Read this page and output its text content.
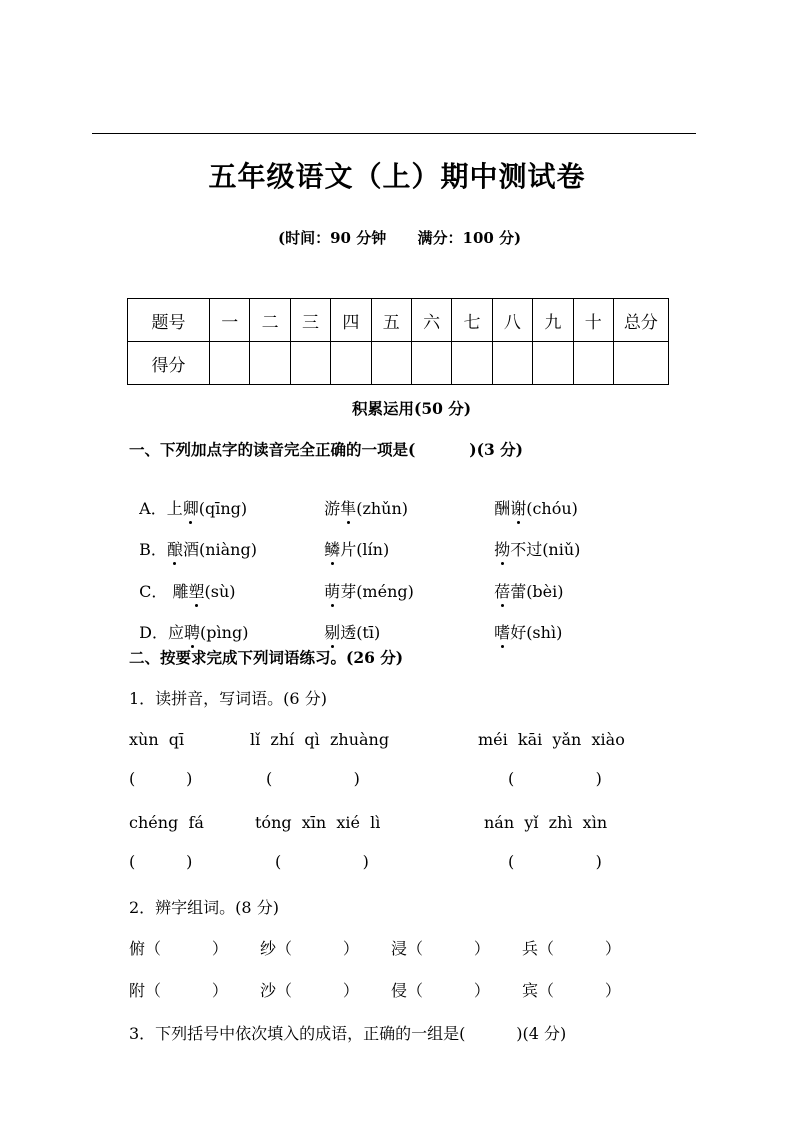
五年级语文（上）期中测试卷
(时间：90 分钟      满分：100 分)
题号	一	二	三	四	五	六	七	八	九	十	总分
得分											
积累运用(50 分)
一、下列加点字的读音完全正确的一项是(          )(3 分)

A．上卿(qīng)	游隼(zhǔn)	酬谢(chóu)

B．酿酒(niàng)	鳞片(lín)	拗不过(niǔ)

C． 雕塑(sù)	萌芽(méng)	蓓蕾(bèi)

D．应聘(pìng)	剔透(tī)	嗜好(shì)

二、按要求完成下列词语练习。(26 分)
1．读拼音，写词语。(6 分)
xùn  qī	lǐ  zhí  qì  zhuàng	méi  kāi  yǎn  xiào
(          )	(                )	(                )
chéng  fá	tóng  xīn  xié  lì	nán  yǐ  zhì  xìn
(          )	(                )	(                )
2．辨字组词。(8 分)
俯（          ） 纱（          ） 浸（          ） 兵（          ）
附（          ） 沙（          ） 侵（          ） 宾（          ）
3．下列括号中依次填入的成语，正确的一组是(          )(4 分)
